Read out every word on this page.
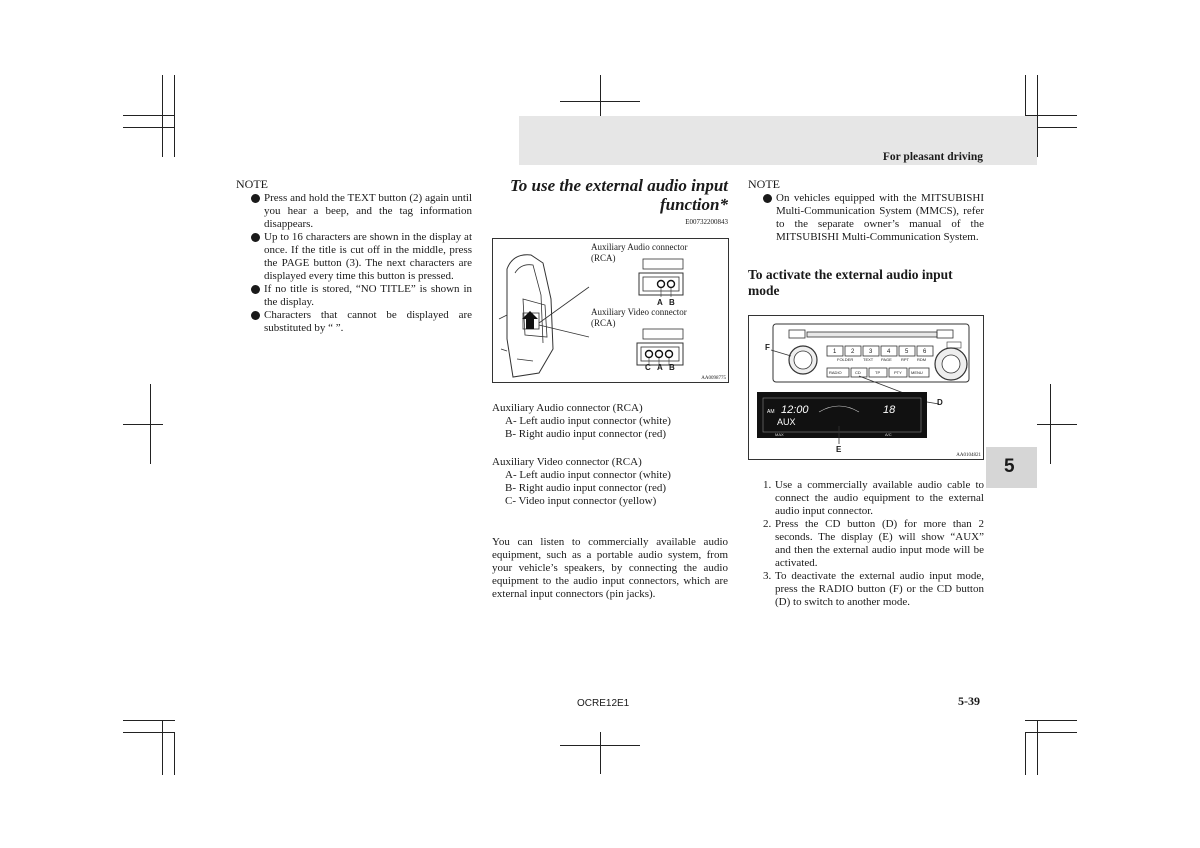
For pleasant driving
5
NOTE
Press and hold the TEXT button (2) again until you hear a beep, and the tag information disappears.
Up to 16 characters are shown in the display at once. If the title is cut off in the middle, press the PAGE button (3). The next characters are displayed every time this button is pressed.
If no title is stored, “NO TITLE” is shown in the display.
Characters that cannot be displayed are substituted by “ ”.
To use the external audio input
function*
E00732200843
Auxiliary Audio connector
(RCA)
Auxiliary Video connector
(RCA)
A B
C A B
AA0098775
Auxiliary Audio connector (RCA)
A- Left audio input connector (white)
B- Right audio input connector (red)
Auxiliary Video connector (RCA)
A- Left audio input connector (white)
B- Right audio input connector (red)
C- Video input connector (yellow)
You can listen to commercially available audio equipment, such as a portable audio system, from your vehicle’s speakers, by connecting the audio equipment to the audio input connectors, which are external input connectors (pin jacks).
NOTE
On vehicles equipped with the MITSUBISHI Multi-Communication System (MMCS), refer to the separate owner’s manual of the MITSUBISHI Multi-Communication System.
To activate the external audio input
mode
F
D
E
1 2 3 4 5 6
FOLDER TEXT PAGE RPT RDM
RADIO	CD	TP	PTY MENU
AM 12:00	18
AUX
MAX	A/C
AA0104821
1. Use a commercially available audio cable to connect the audio equipment to the external audio input connector.
2. Press the CD button (D) for more than 2 seconds. The display (E) will show “AUX” and then the external audio input mode will be activated.
3. To deactivate the external audio input mode, press the RADIO button (F) or the CD button (D) to switch to another mode.
OCRE12E1	5-39
